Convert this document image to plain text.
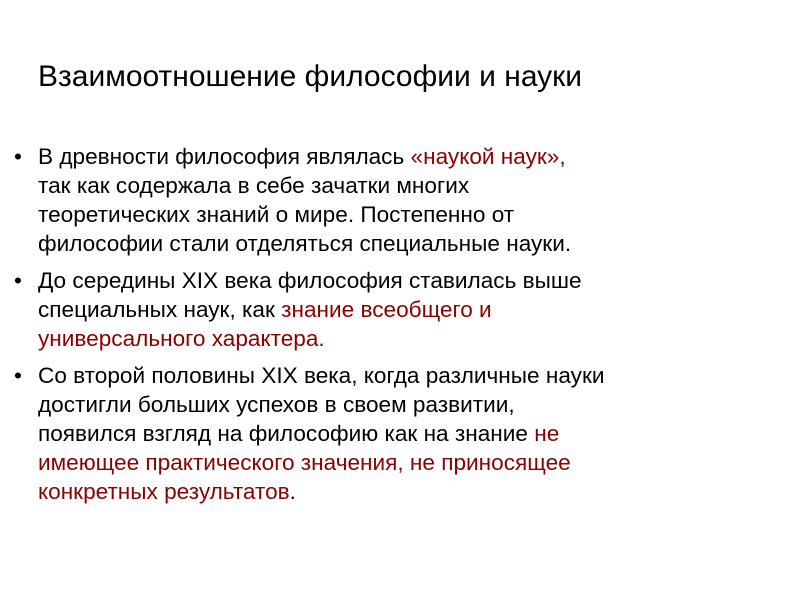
Взаимоотношение философии и науки
• В древности философия являлась «наукой наук»,
так как содержала в себе зачатки многих
теоретических знаний о мире. Постепенно от
философии стали отделяться специальные науки.
• До середины XIX века философия ставилась выше
специальных наук, как знание всеобщего и
универсального характера.
• Со второй половины XIX века, когда различные науки
достигли больших успехов в своем развитии,
появился взгляд на философию как на знание не
имеющее практического значения, не приносящее
конкретных результатов.
